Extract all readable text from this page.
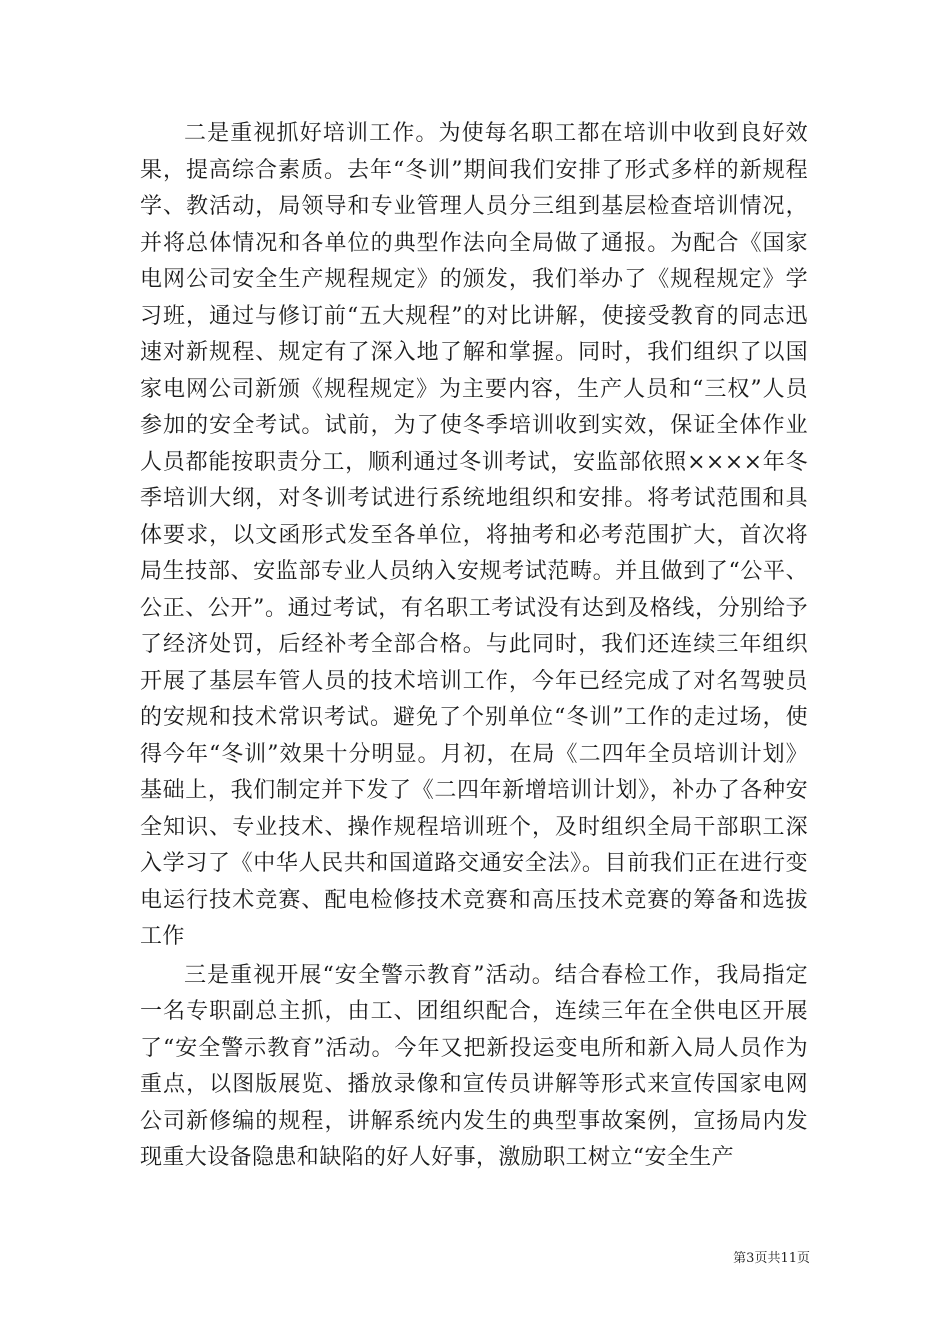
二是重视抓好培训工作。为使每名职工都在培训中收到良好效果，提高综合素质。去年“冬训”期间我们安排了形式多样的新规程学、教活动，局领导和专业管理人员分三组到基层检查培训情况，并将总体情况和各单位的典型作法向全局做了通报。为配合《国家电网公司安全生产规程规定》的颁发，我们举办了《规程规定》学习班，通过与修订前“五大规程”的对比讲解，使接受教育的同志迅速对新规程、规定有了深入地了解和掌握。同时，我们组织了以国家电网公司新颁《规程规定》为主要内容，生产人员和“三权”人员参加的安全考试。试前，为了使冬季培训收到实效，保证全体作业人员都能按职责分工，顺利通过冬训考试，安监部依照××××年冬季培训大纲，对冬训考试进行系统地组织和安排。将考试范围和具体要求，以文函形式发至各单位，将抽考和必考范围扩大，首次将局生技部、安监部专业人员纳入安规考试范畴。并且做到了“公平、公正、公开”。通过考试，有名职工考试没有达到及格线，分别给予了经济处罚，后经补考全部合格。与此同时，我们还连续三年组织开展了基层车管人员的技术培训工作，今年已经完成了对名驾驶员的安规和技术常识考试。避免了个别单位“冬训”工作的走过场，使得今年“冬训”效果十分明显。月初，在局《二四年全员培训计划》基础上，我们制定并下发了《二四年新增培训计划》，补办了各种安全知识、专业技术、操作规程培训班个，及时组织全局干部职工深入学习了《中华人民共和国道路交通安全法》。目前我们正在进行变电运行技术竞赛、配电检修技术竞赛和高压技术竞赛的筹备和选拔工作

三是重视开展“安全警示教育”活动。结合春检工作，我局指定一名专职副总主抓，由工、团组织配合，连续三年在全供电区开展了“安全警示教育”活动。今年又把新投运变电所和新入局人员作为重点，以图版展览、播放录像和宣传员讲解等形式来宣传国家电网公司新修编的规程，讲解系统内发生的典型事故案例，宣扬局内发现重大设备隐患和缺陷的好人好事，激励职工树立“安全生产

第3页共11页
